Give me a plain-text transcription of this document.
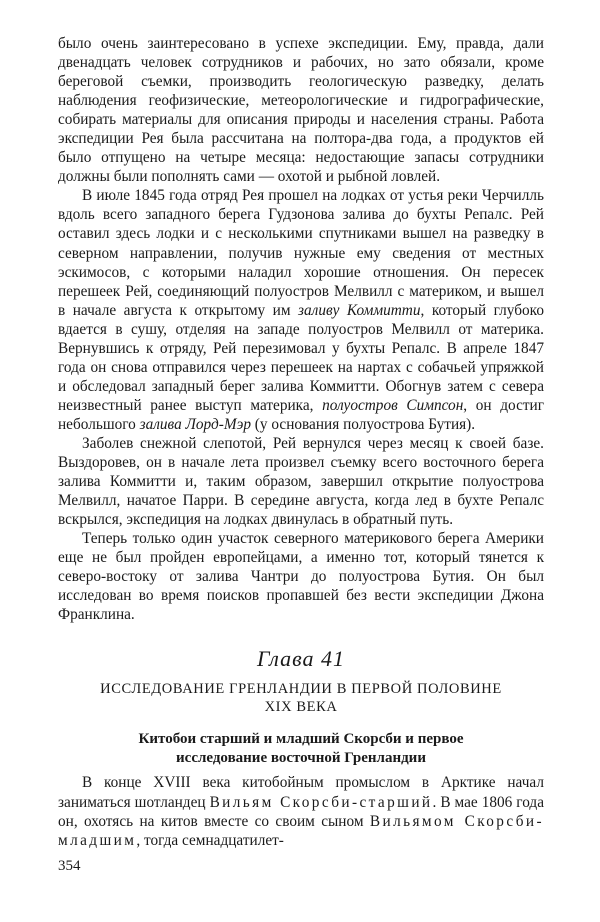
было очень заинтересовано в успехе экспедиции. Ему, правда, дали двенадцать человек сотрудников и рабочих, но зато обязали, кроме береговой съемки, производить геологическую разведку, делать наблюдения геофизические, метеорологические и гидрографические, собирать материалы для описания природы и населения страны. Работа экспедиции Рея была рассчитана на полтора-два года, а продуктов ей было отпущено на четыре месяца: недостающие запасы сотрудники должны были пополнять сами — охотой и рыбной ловлей.

В июле 1845 года отряд Рея прошел на лодках от устья реки Черчилль вдоль всего западного берега Гудзонова залива до бухты Репалс. Рей оставил здесь лодки и с несколькими спутниками вышел на разведку в северном направлении, получив нужные ему сведения от местных эскимосов, с которыми наладил хорошие отношения. Он пересек перешеек Рей, соединяющий полуостров Мелвилл с материком, и вышел в начале августа к открытому им заливу Коммитти, который глубоко вдается в сушу, отделяя на западе полуостров Мелвилл от материка. Вернувшись к отряду, Рей перезимовал у бухты Репалс. В апреле 1847 года он снова отправился через перешеек на нартах с собачьей упряжкой и обследовал западный берег залива Коммитти. Обогнув затем с севера неизвестный ранее выступ материка, полуостров Симпсон, он достиг небольшого залива Лорд-Мэр (у основания полуострова Бутия).

Заболев снежной слепотой, Рей вернулся через месяц к своей базе. Выздоровев, он в начале лета произвел съемку всего восточного берега залива Коммитти и, таким образом, завершил открытие полуострова Мелвилл, начатое Парри. В середине августа, когда лед в бухте Репалс вскрылся, экспедиция на лодках двинулась в обратный путь.

Теперь только один участок северного материкового берега Америки еще не был пройден европейцами, а именно тот, который тянется к северо-востоку от залива Чантри до полуострова Бутия. Он был исследован во время поисков пропавшей без вести экспедиции Джона Франклина.

Глава 41
ИССЛЕДОВАНИЕ ГРЕНЛАНДИИ В ПЕРВОЙ ПОЛОВИНЕ
XIX ВЕКА
Китобои старший и младший Скорсби и первое
исследование восточной Гренландии

В конце XVIII века китобойным промыслом в Арктике начал заниматься шотландец Вильям Скорсби-старший. В мае 1806 года он, охотясь на китов вместе со своим сыном Вильямом Скорсби-младшим, тогда семнадцатилет-

354
